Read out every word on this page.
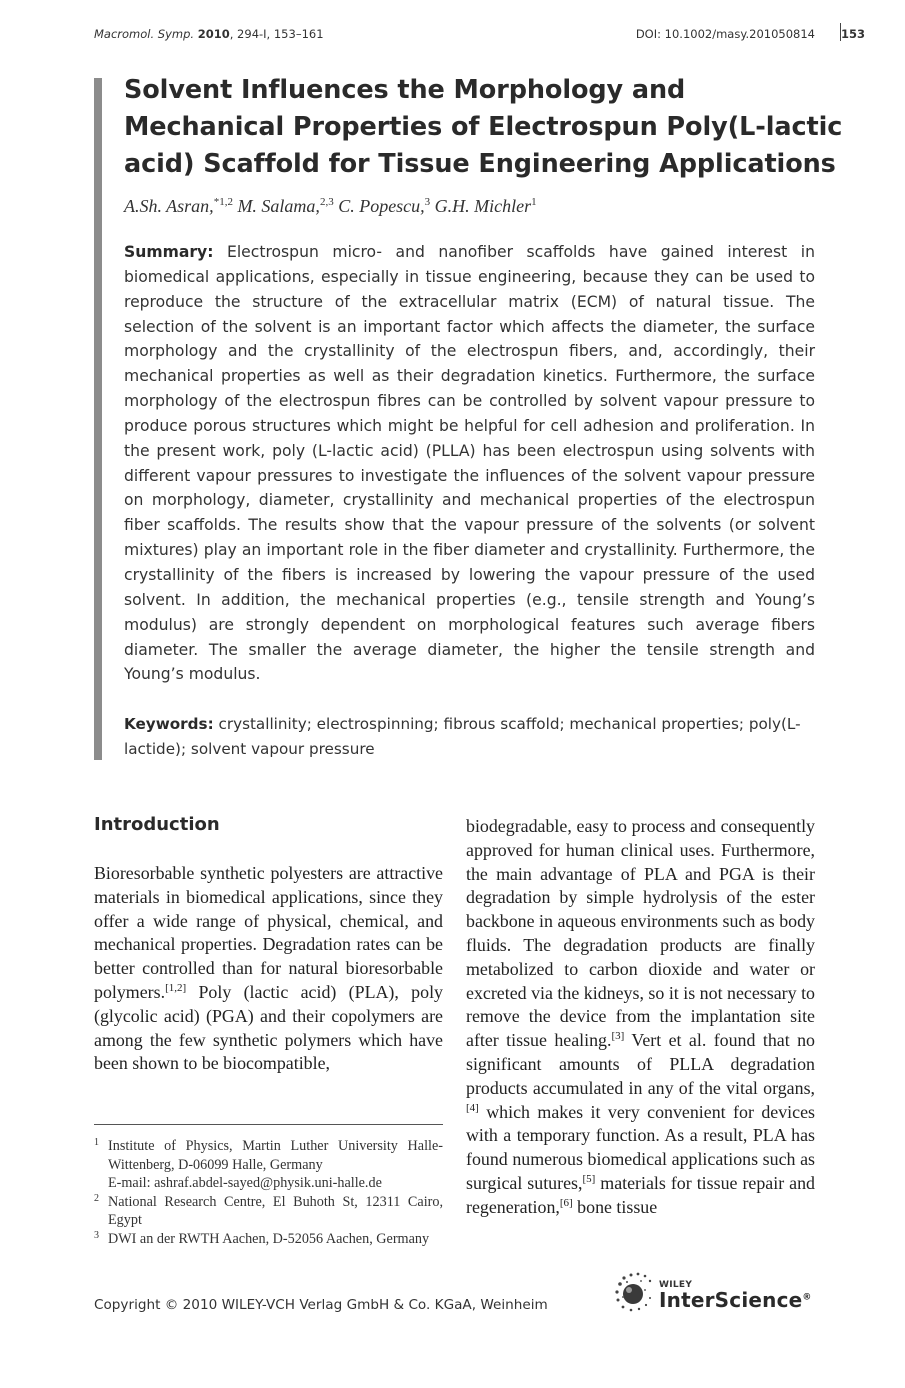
Macromol. Symp. 2010, 294-I, 153–161	DOI: 10.1002/masy.201050814 153
Solvent Influences the Morphology and Mechanical Properties of Electrospun Poly(L-lactic acid) Scaffold for Tissue Engineering Applications

A.Sh. Asran,$^{*1,2}$ M. Salama,$^{2,3}$ C. Popescu,$^3$ G.H. Michler$^1$

Summary: Electrospun micro- and nanofiber scaffolds have gained interest in biomedical applications, especially in tissue engineering, because they can be used to reproduce the structure of the extracellular matrix (ECM) of natural tissue. The selection of the solvent is an important factor which affects the diameter, the surface morphology and the crystallinity of the electrospun fibers, and, accordingly, their mechanical properties as well as their degradation kinetics. Furthermore, the surface morphology of the electrospun fibres can be controlled by solvent vapour pressure to produce porous structures which might be helpful for cell adhesion and proliferation. In the present work, poly (L-lactic acid) (PLLA) has been electrospun using solvents with different vapour pressures to investigate the influences of the solvent vapour pressure on morphology, diameter, crystallinity and mechanical properties of the electrospun fiber scaffolds. The results show that the vapour pressure of the solvents (or solvent mixtures) play an important role in the fiber diameter and crystallinity. Furthermore, the crystallinity of the fibers is increased by lowering the vapour pressure of the used solvent. In addition, the mechanical properties (e.g., tensile strength and Young’s modulus) are strongly dependent on morphological features such average fibers diameter. The smaller the average diameter, the higher the tensile strength and Young’s modulus.

Keywords: crystallinity; electrospinning; fibrous scaffold; mechanical properties; poly(L-lactide); solvent vapour pressure

Introduction

Bioresorbable synthetic polyesters are attractive materials in biomedical applications, since they offer a wide range of physical, chemical, and mechanical properties. Degradation rates can be better controlled than for natural bioresorbable polymers.[1,2] Poly (lactic acid) (PLA), poly (glycolic acid) (PGA) and their copolymers are among the few synthetic polymers which have been shown to be biocompatible,

biodegradable, easy to process and consequently approved for human clinical uses. Furthermore, the main advantage of PLA and PGA is their degradation by simple hydrolysis of the ester backbone in aqueous environments such as body fluids. The degradation products are finally metabolized to carbon dioxide and water or excreted via the kidneys, so it is not necessary to remove the device from the implantation site after tissue healing.[3] Vert et al. found that no significant amounts of PLLA degradation products accumulated in any of the vital organs,[4] which makes it very convenient for devices with a temporary function. As a result, PLA has found numerous biomedical applications such as surgical sutures,[5] materials for tissue repair and regeneration,[6] bone tissue

1 Institute of Physics, Martin Luther University Halle-Wittenberg, D-06099 Halle, Germany
E-mail: ashraf.abdel-sayed@physik.uni-halle.de
2 National Research Centre, El Buhoth St, 12311 Cairo, Egypt
3 DWI an der RWTH Aachen, D-52056 Aachen, Germany
Copyright © 2010 WILEY-VCH Verlag GmbH & Co. KGaA, Weinheim
WILEY
InterScience®
